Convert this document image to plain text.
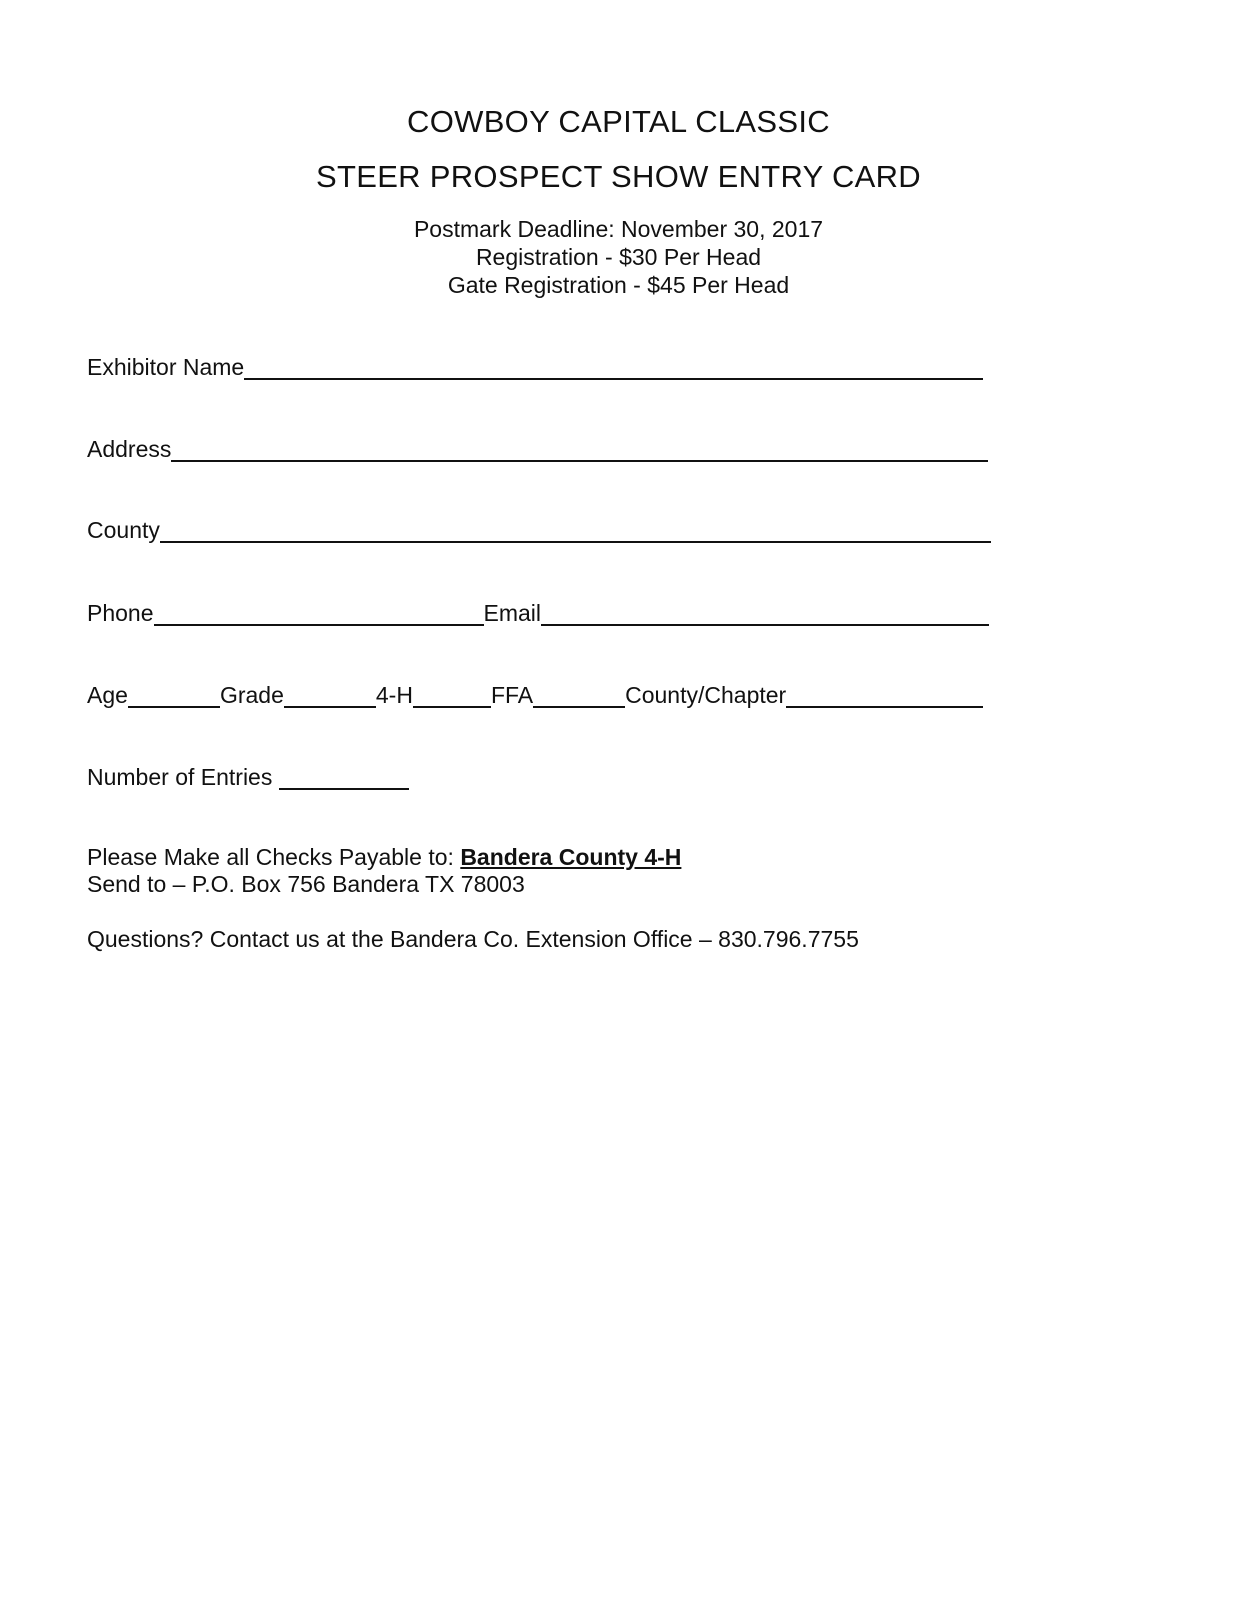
COWBOY CAPITAL CLASSIC
STEER PROSPECT SHOW ENTRY CARD
Postmark Deadline: November 30, 2017
Registration - $30 Per Head
Gate Registration - $45 Per Head
Exhibitor Name
Address
County
Phone	Email
Age	Grade	4-H	FFA	County/Chapter
Number of Entries
Please Make all Checks Payable to: Bandera County 4-H
Send to – P.O. Box 756 Bandera TX 78003
Questions? Contact us at the Bandera Co. Extension Office – 830.796.7755
